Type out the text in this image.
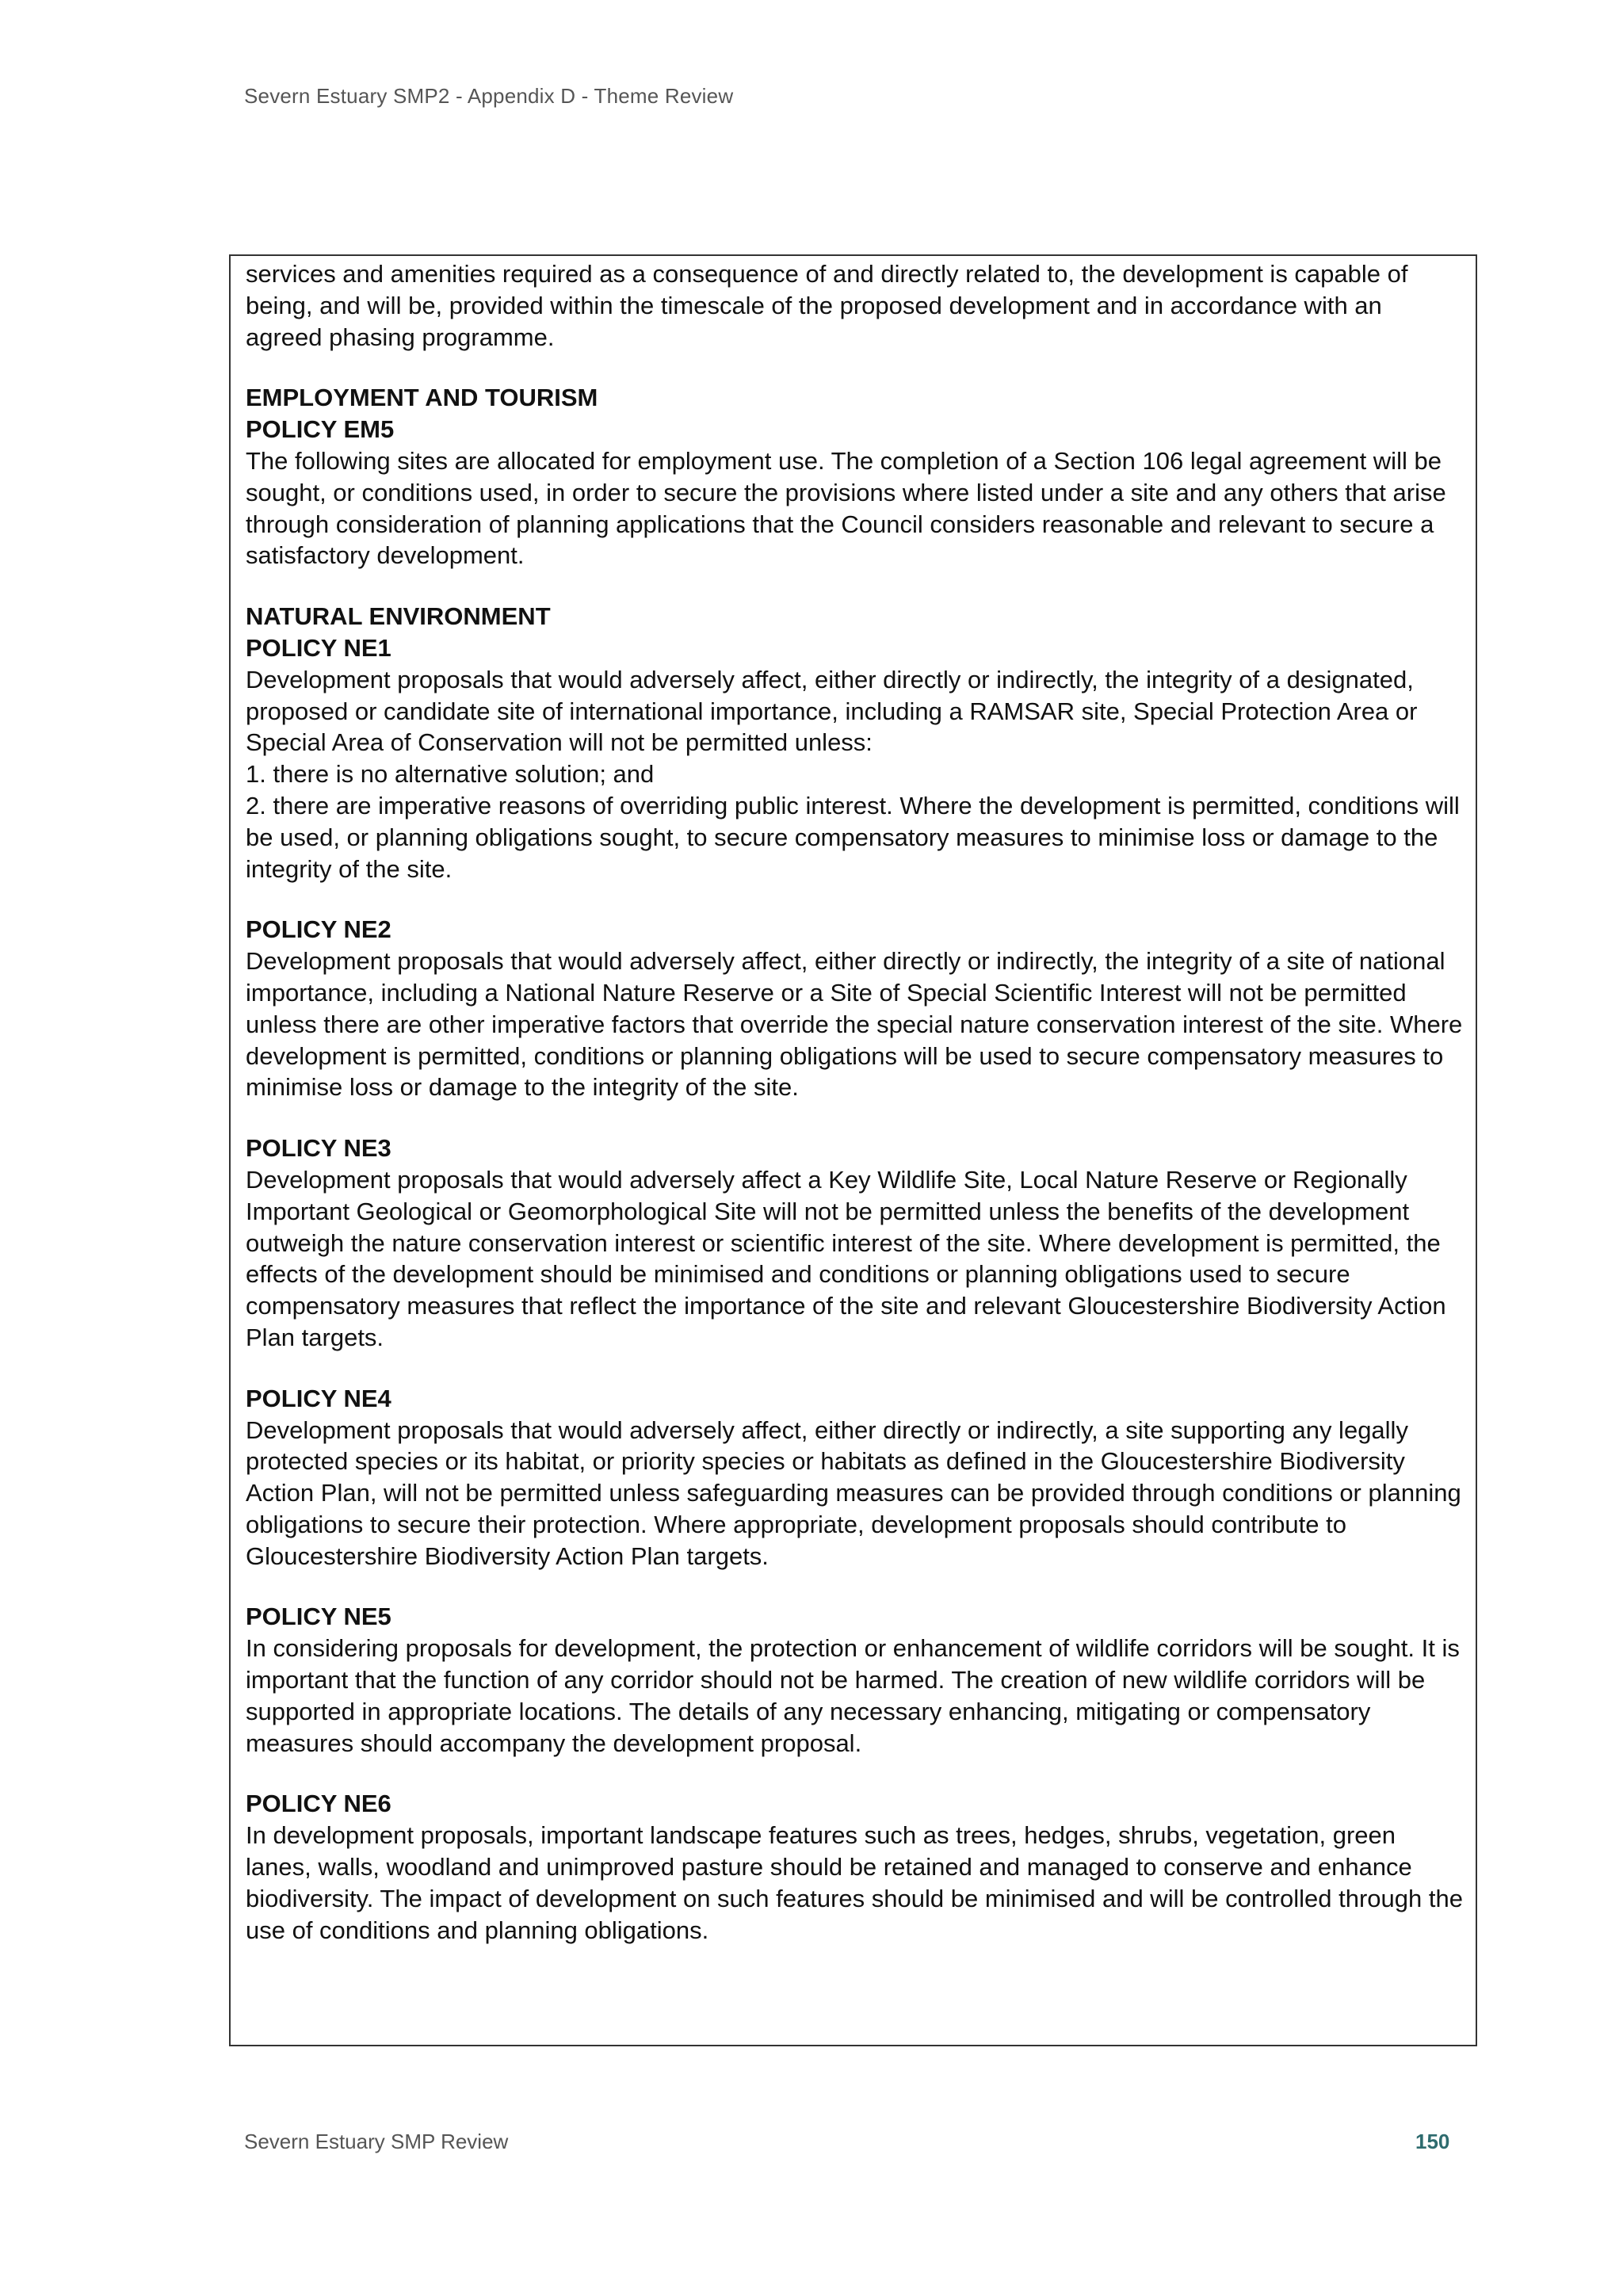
Severn Estuary SMP2 - Appendix D - Theme Review

services and amenities required as a consequence of and directly related to, the development is capable of being, and will be, provided within the timescale of the proposed development and in accordance with an agreed phasing programme.

EMPLOYMENT AND TOURISM
POLICY EM5
The following sites are allocated for employment use. The completion of a Section 106 legal agreement will be sought, or conditions used, in order to secure the provisions where listed under a site and any others that arise through consideration of planning applications that the Council considers reasonable and relevant to secure a satisfactory development.
NATURAL ENVIRONMENT
POLICY NE1
Development proposals that would adversely affect, either directly or indirectly, the integrity of a designated, proposed or candidate site of international importance, including a RAMSAR site, Special Protection Area or Special Area of Conservation will not be permitted unless:
1. there is no alternative solution; and
2. there are imperative reasons of overriding public interest. Where the development is permitted, conditions will be used, or planning obligations sought, to secure compensatory measures to minimise loss or damage to the integrity of the site.
POLICY NE2
Development proposals that would adversely affect, either directly or indirectly, the integrity of a site of national importance, including a National Nature Reserve or a Site of Special Scientific Interest will not be permitted unless there are other imperative factors that override the special nature conservation interest of the site. Where development is permitted, conditions or planning obligations will be used to secure compensatory measures to minimise loss or damage to the integrity of the site.
POLICY NE3
Development proposals that would adversely affect a Key Wildlife Site, Local Nature Reserve or Regionally Important Geological or Geomorphological Site will not be permitted unless the benefits of the development outweigh the nature conservation interest or scientific interest of the site. Where development is permitted, the effects of the development should be minimised and conditions or planning obligations used to secure compensatory measures that reflect the importance of the site and relevant Gloucestershire Biodiversity Action Plan targets.
POLICY NE4
Development proposals that would adversely affect, either directly or indirectly, a site supporting any legally protected species or its habitat, or priority species or habitats as defined in the Gloucestershire Biodiversity Action Plan, will not be permitted unless safeguarding measures can be provided through conditions or planning obligations to secure their protection. Where appropriate, development proposals should contribute to Gloucestershire Biodiversity Action Plan targets.
POLICY NE5
In considering proposals for development, the protection or enhancement of wildlife corridors will be sought. It is important that the function of any corridor should not be harmed. The creation of new wildlife corridors will be supported in appropriate locations. The details of any necessary enhancing, mitigating or compensatory measures should accompany the development proposal.
POLICY NE6
In development proposals, important landscape features such as trees, hedges, shrubs, vegetation, green lanes, walls, woodland and unimproved pasture should be retained and managed to conserve and enhance biodiversity. The impact of development on such features should be minimised and will be controlled through the use of conditions and planning obligations.
Severn Estuary SMP Review	150
